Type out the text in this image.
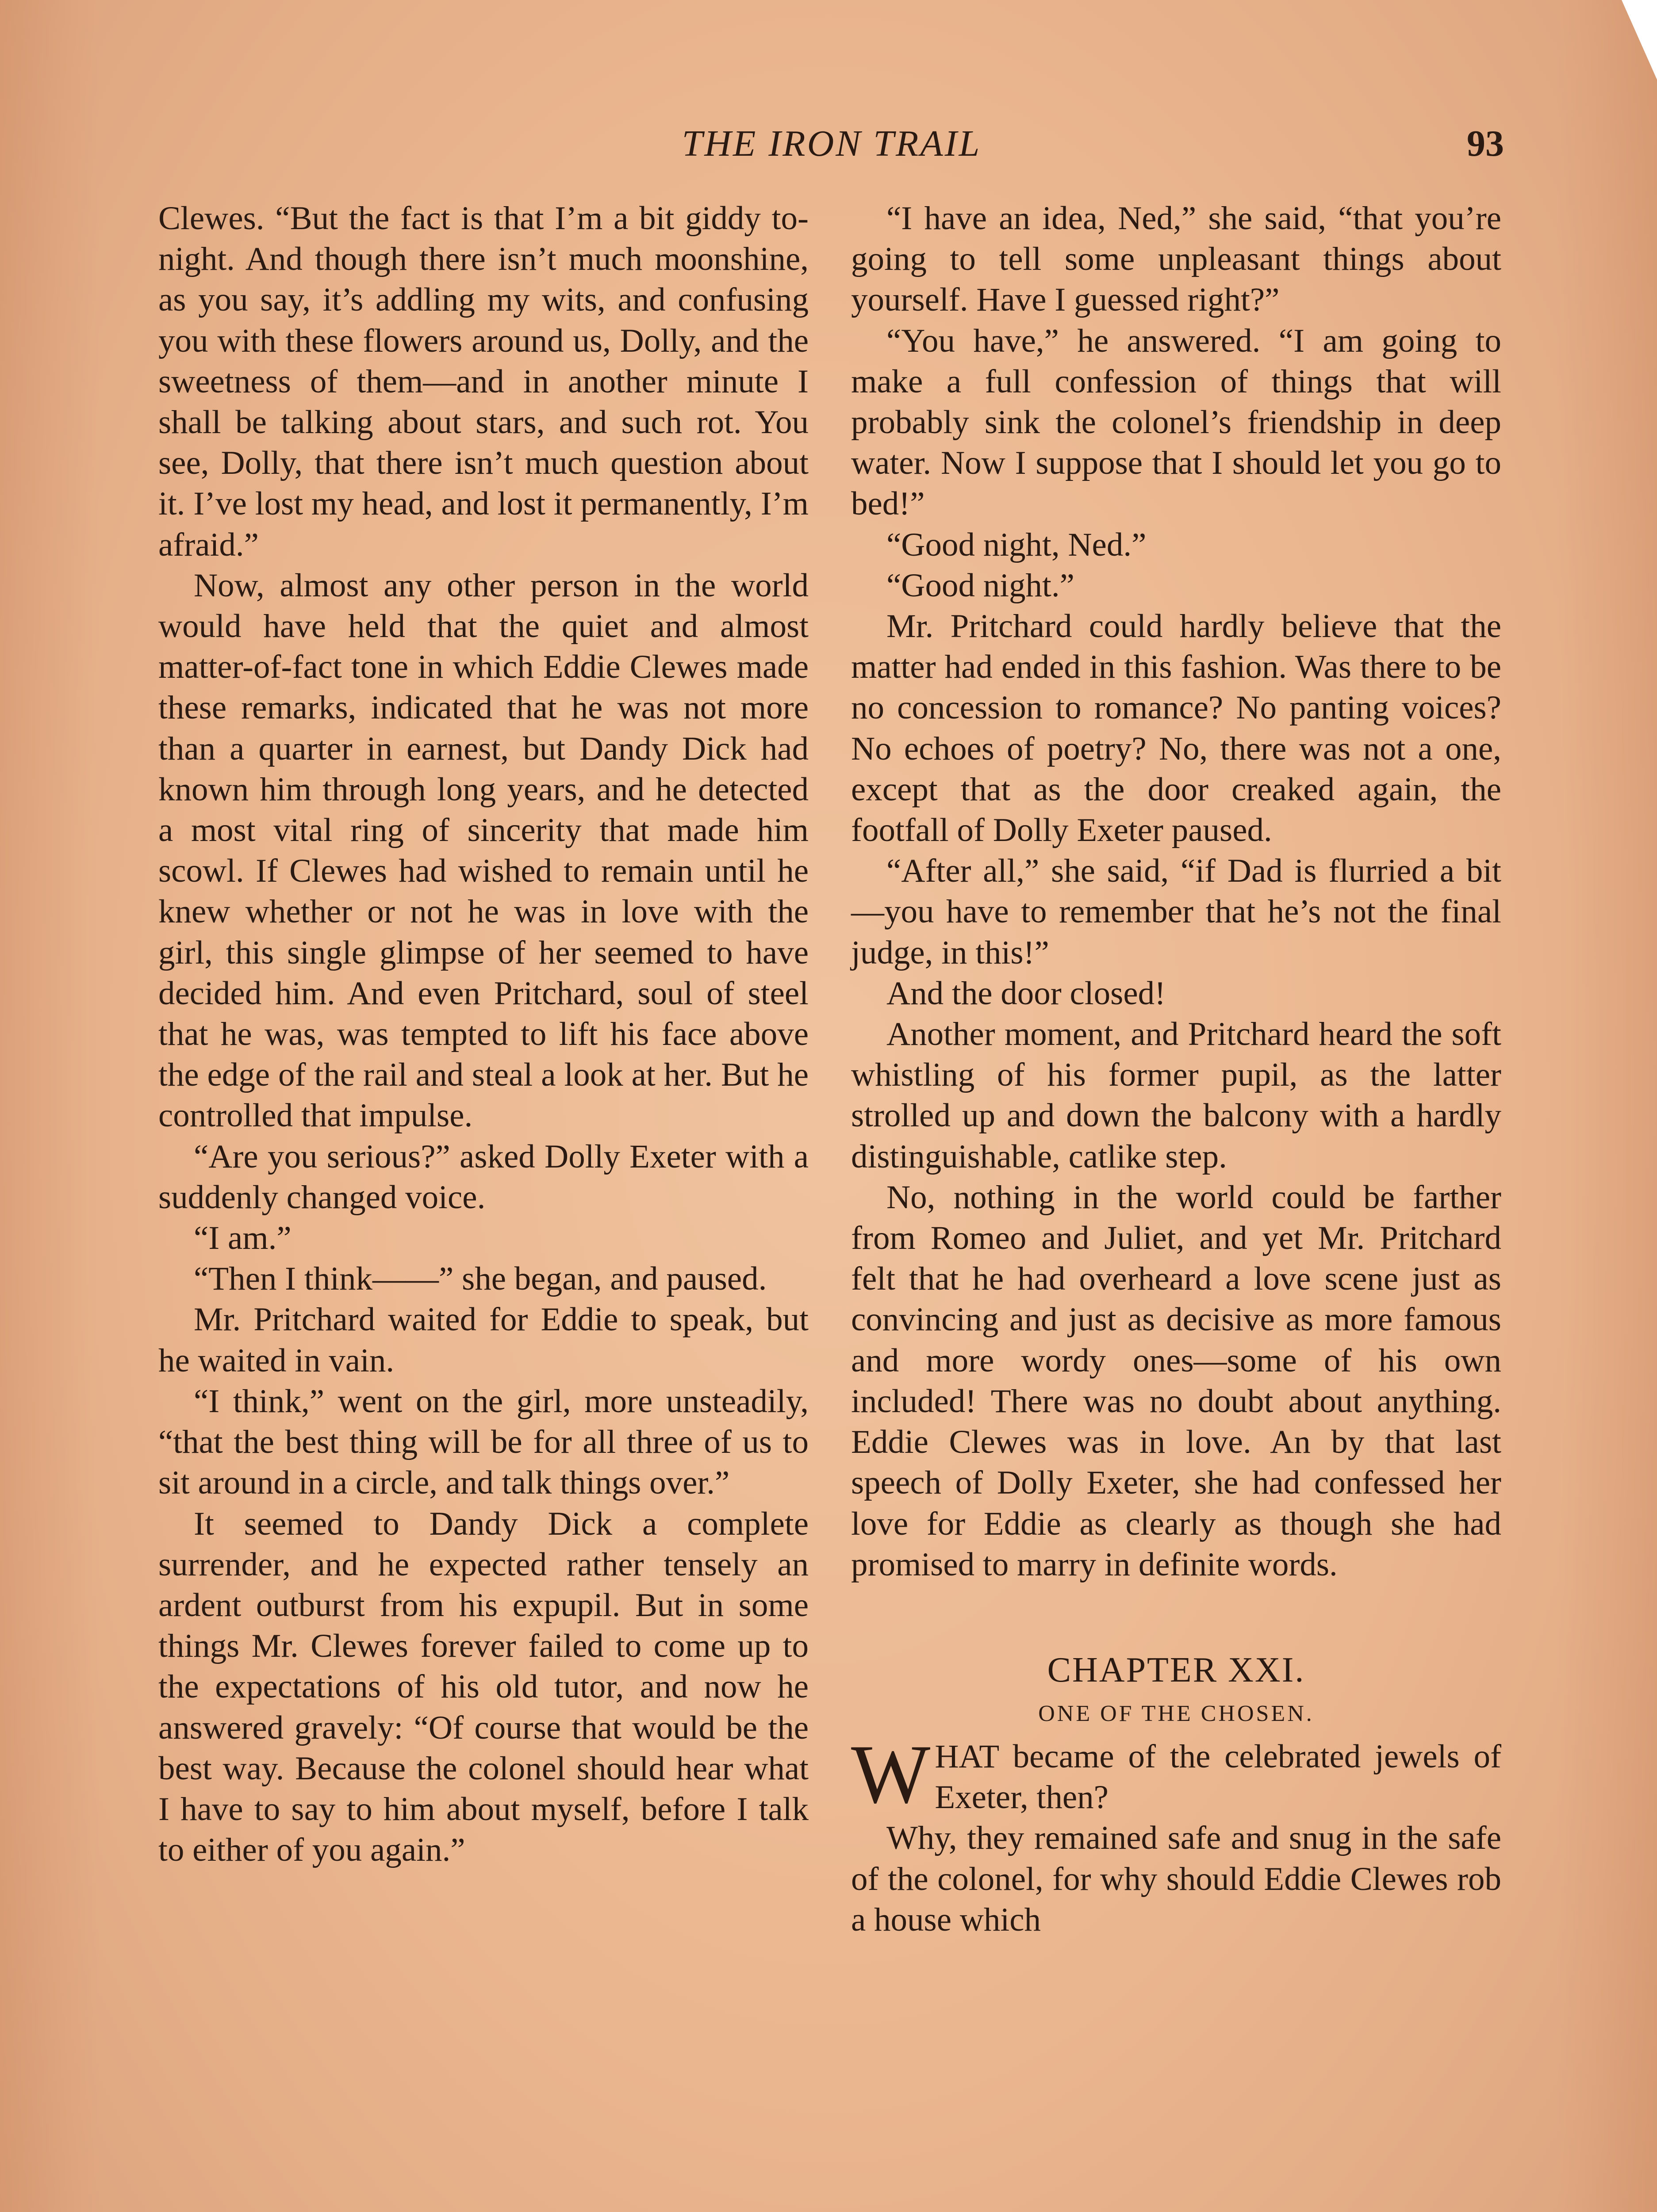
THE IRON TRAIL	93

Clewes. “But the fact is that I’m a bit giddy to-night. And though there isn’t much moonshine, as you say, it’s addling my wits, and confusing you with these flowers around us, Dolly, and the sweetness of them—and in another minute I shall be talking about stars, and such rot. You see, Dolly, that there isn’t much question about it. I’ve lost my head, and lost it permanently, I’m afraid.”

Now, almost any other person in the world would have held that the quiet and almost matter-of-fact tone in which Eddie Clewes made these remarks, indicated that he was not more than a quarter in earnest, but Dandy Dick had known him through long years, and he detected a most vital ring of sincerity that made him scowl. If Clewes had wished to remain until he knew whether or not he was in love with the girl, this single glimpse of her seemed to have decided him. And even Pritchard, soul of steel that he was, was tempted to lift his face above the edge of the rail and steal a look at her. But he controlled that impulse.

“Are you serious?” asked Dolly Exeter with a suddenly changed voice.

“I am.”

“Then I think——” she began, and paused.

Mr. Pritchard waited for Eddie to speak, but he waited in vain.

“I think,” went on the girl, more unsteadily, “that the best thing will be for all three of us to sit around in a circle, and talk things over.”

It seemed to Dandy Dick a complete surrender, and he expected rather tensely an ardent outburst from his expupil. But in some things Mr. Clewes forever failed to come up to the expectations of his old tutor, and now he answered gravely: “Of course that would be the best way. Because the colonel should hear what I have to say to him about myself, before I talk to either of you again.”

“I have an idea, Ned,” she said, “that you’re going to tell some unpleasant things about yourself. Have I guessed right?”

“You have,” he answered. “I am going to make a full confession of things that will probably sink the colonel’s friendship in deep water. Now I suppose that I should let you go to bed!”

“Good night, Ned.”

“Good night.”

Mr. Pritchard could hardly believe that the matter had ended in this fashion. Was there to be no concession to romance? No panting voices? No echoes of poetry? No, there was not a one, except that as the door creaked again, the footfall of Dolly Exeter paused.

“After all,” she said, “if Dad is flurried a bit—you have to remember that he’s not the final judge, in this!”

And the door closed!

Another moment, and Pritchard heard the soft whistling of his former pupil, as the latter strolled up and down the balcony with a hardly distinguishable, catlike step.

No, nothing in the world could be farther from Romeo and Juliet, and yet Mr. Pritchard felt that he had overheard a love scene just as convincing and just as decisive as more famous and more wordy ones—some of his own included! There was no doubt about anything. Eddie Clewes was in love. An by that last speech of Dolly Exeter, she had confessed her love for Eddie as clearly as though she had promised to marry in definite words.

CHAPTER XXI.
ONE OF THE CHOSEN.

WHAT became of the celebrated jewels of Exeter, then?

Why, they remained safe and snug in the safe of the colonel, for why should Eddie Clewes rob a house which
